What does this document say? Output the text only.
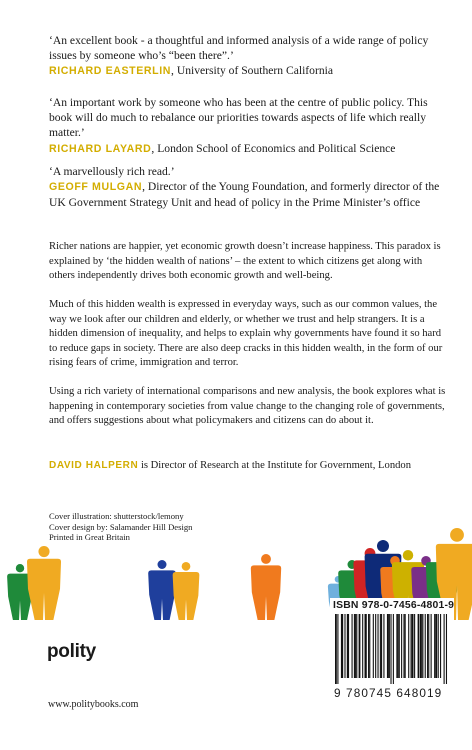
‘An excellent book - a thoughtful and informed analysis of a wide range of policy issues by someone who’s “been there”.’
RICHARD EASTERLIN, University of Southern California

‘An important work by someone who has been at the centre of public policy. This book will do much to rebalance our priorities towards aspects of life which really matter.’
RICHARD LAYARD, London School of Economics and Political Science

‘A marvellously rich read.’
GEOFF MULGAN, Director of the Young Foundation, and formerly director of the UK Government Strategy Unit and head of policy in the Prime Minister’s office

Richer nations are happier, yet economic growth doesn’t increase happiness. This paradox is explained by ‘the hidden wealth of nations’ – the extent to which citizens get along with others independently drives both economic growth and well-being.

Much of this hidden wealth is expressed in everyday ways, such as our common values, the way we look after our children and elderly, or whether we trust and help strangers. It is a hidden dimension of inequality, and helps to explain why governments have found it so hard to reduce gaps in society. There are also deep cracks in this hidden wealth, in the form of our rising fears of crime, immigration and terror.

Using a rich variety of international comparisons and new analysis, the book explores what is happening in contemporary societies from value change to the changing role of governments, and offers suggestions about what policymakers and citizens can do about it.

DAVID HALPERN is Director of Research at the Institute for Government, London

Cover illustration: shutterstock/lemony
Cover design by: Salamander Hill Design
Printed in Great Britain
polity
www.politybooks.com
ISBN 978-0-7456-4801-9
9 780745 648019
